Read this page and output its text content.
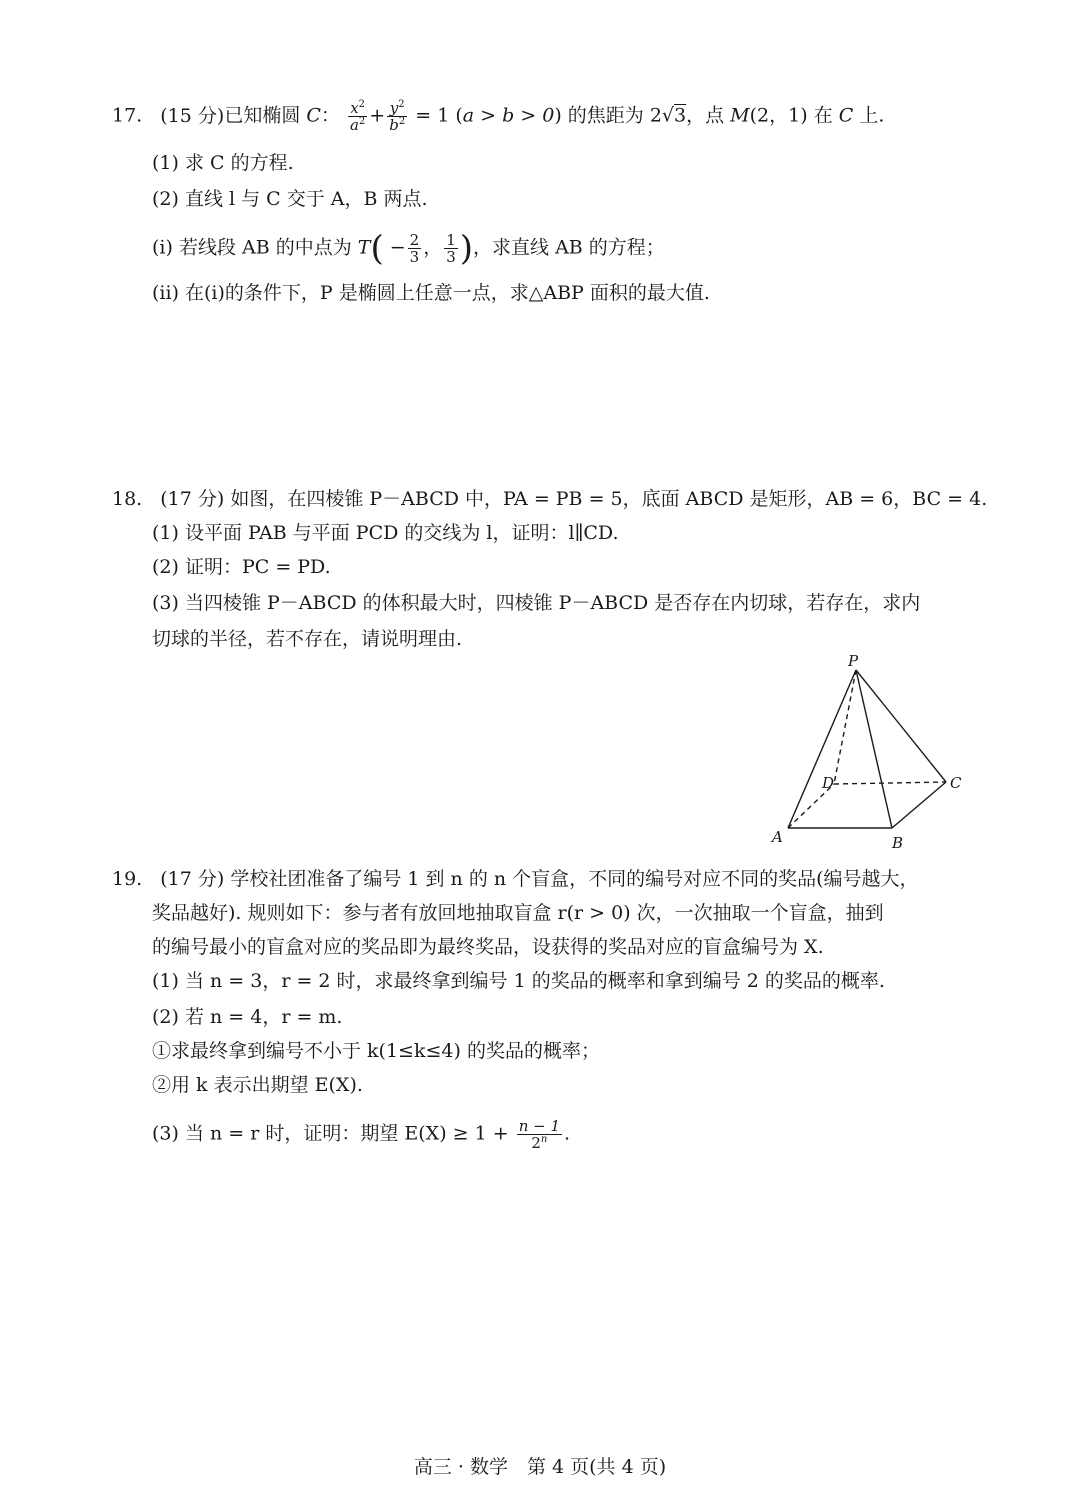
17. (15 分)已知椭圆 C： $\frac{x^2}{a^2} + \frac{y^2}{b^2} = 1$ (a > b > 0) 的焦距为 2√3，点 M(2，1) 在 C 上.
(1) 求 C 的方程.
(2) 直线 l 与 C 交于 A，B 两点.
(i) 若线段 AB 的中点为 $T( - \frac{2}{3}$ ， $\frac{1}{3}$ )，求直线 AB 的方程；
(ii) 在(i)的条件下，P 是椭圆上任意一点，求△ABP 面积的最大值.
18. (17 分) 如图，在四棱锥 P－ABCD 中，PA = PB = 5，底面 ABCD 是矩形，AB = 6，BC = 4.
(1) 设平面 PAB 与平面 PCD 的交线为 l，证明：l∥CD.
(2) 证明：PC = PD.
(3) 当四棱锥 P－ABCD 的体积最大时，四棱锥 P－ABCD 是否存在内切球，若存在，求内
切球的半径，若不存在，请说明理由.
P
A	B
C
D
19. (17 分) 学校社团准备了编号 1 到 n 的 n 个盲盒，不同的编号对应不同的奖品(编号越大，
奖品越好). 规则如下：参与者有放回地抽取盲盒 r(r > 0) 次，一次抽取一个盲盒，抽到
的编号最小的盲盒对应的奖品即为最终奖品，设获得的奖品对应的盲盒编号为 X.
(1) 当 n = 3，r = 2 时，求最终拿到编号 1 的奖品的概率和拿到编号 2 的奖品的概率.
(2) 若 n = 4，r = m.
①求最终拿到编号不小于 k(1≤k≤4) 的奖品的概率；
②用 k 表示出期望 E(X).
(3) 当 n = r 时，证明：期望 $E(X) \ge 1 + \frac{n - 1}{2^n}$ .
高三 · 数学　第 4 页(共 4 页)
